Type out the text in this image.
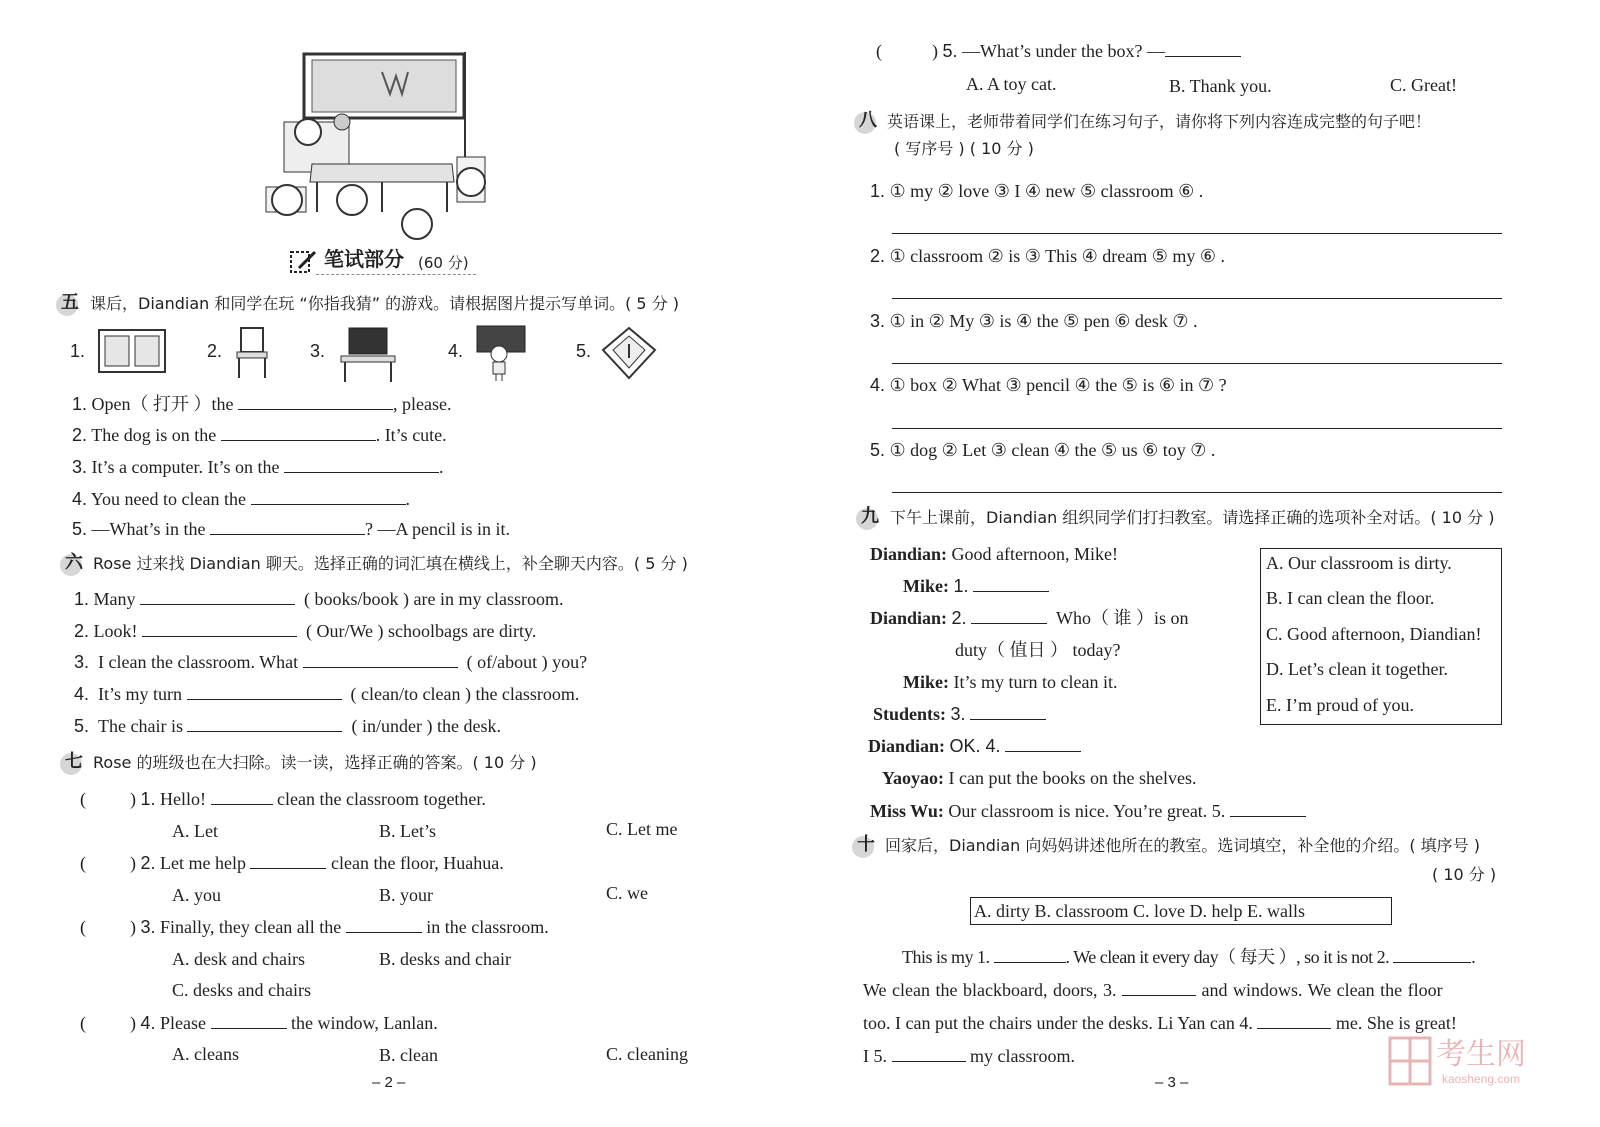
笔试部分 (60 分)
五 课后，Diandian 和同学在玩 “你指我猜” 的游戏。请根据图片提示写单词。( 5 分 )
1.	2.	3.	4.	5.
1. Open（ 打开 ）the	, please.
2. The dog is on the	. It’s cute.
3. It’s a computer. It’s on the	.
4. You need to clean the	.
5. —What’s in the	? —A pencil is in it.
六 Rose 过来找 Diandian 聊天。选择正确的词汇填在横线上，补全聊天内容。( 5 分 )
1. Many	( books/book ) are in my classroom.
2. Look!	( Our/We ) schoolbags are dirty.
3. I clean the classroom. What	( of/about ) you?
4. It’s my turn	( clean/to clean ) the classroom.
5. The chair is	( in/under ) the desk.
七 Rose 的班级也在大扫除。读一读，选择正确的答案。( 10 分 )
( ) 1. Hello!	clean the classroom together.
A. Let	B. Let’s	C. Let me
( ) 2. Let me help	clean the floor, Huahua.
A. you	B. your	C. we
( ) 3. Finally, they clean all the	in the classroom.
A. desk and chairs	B. desks and chair
C. desks and chairs
( ) 4. Please	the window, Lanlan.
A. cleans	B. clean	C. cleaning
– 2 –
(	) 5. —What’s under the box? —
A. A toy cat.	B. Thank you.	C. Great!
八 英语课上，老师带着同学们在练习句子，请你将下列内容连成完整的句子吧！
( 写序号 ) ( 10 分 )
1. ① my ② love ③ I ④ new ⑤ classroom ⑥ .
2. ① classroom ② is ③ This ④ dream ⑤ my ⑥ .
3. ① in ② My ③ is ④ the ⑤ pen ⑥ desk ⑦ .
4. ① box ② What ③ pencil ④ the ⑤ is ⑥ in ⑦ ?
5. ① dog ② Let ③ clean ④ the ⑤ us ⑥ toy ⑦ .
九 下午上课前，Diandian 组织同学们打扫教室。请选择正确的选项补全对话。( 10 分 )
Diandian: Good afternoon, Mike!
Mike: 1.
Diandian: 2.	Who（ 谁 ）is on
duty（ 值日 ） today?
Mike: It’s my turn to clean it.
Students: 3.
Diandian: OK. 4.
Yaoyao: I can put the books on the shelves.
Miss Wu: Our classroom is nice. You’re great. 5.
A. Our classroom is dirty.
B. I can clean the floor.
C. Good afternoon, Diandian!
D. Let’s clean it together.
E. I’m proud of you.
十 回家后，Diandian 向妈妈讲述他所在的教室。选词填空，补全他的介绍。( 填序号 )
( 10 分 )
A. dirty B. classroom C. love D. help E. walls
This is my 1.	. We clean it every day（ 每天 ）, so it is not 2.	.
We clean the blackboard, doors, 3.	and windows. We clean the floor
too. I can put the chairs under the desks. Li Yan can 4.	me. She is great!
I 5.	my classroom.
– 3 –
考生网
kaosheng.com
